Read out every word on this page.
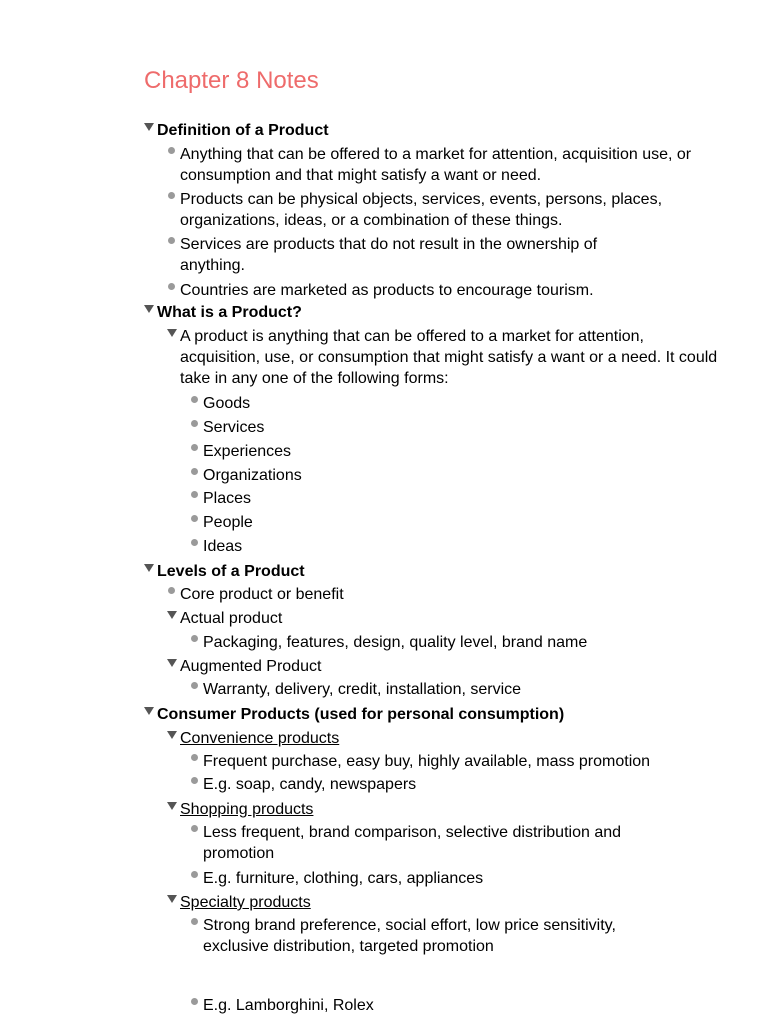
Chapter 8 Notes
Definition of a Product
Anything that can be offered to a market for attention, acquisition use, or consumption and that might satisfy a want or need.
Products can be physical objects, services, events, persons, places, organizations, ideas, or a combination of these things.
Services are products that do not result in the ownership of anything.
Countries are marketed as products to encourage tourism.
What is a Product?
A product is anything that can be offered to a market for attention, acquisition, use, or consumption that might satisfy a want or a need. It could take in any one of the following forms:
Goods
Services
Experiences
Organizations
Places
People
Ideas
Levels of a Product
Core product or benefit
Actual product
Packaging, features, design, quality level, brand name
Augmented Product
Warranty, delivery, credit, installation, service
Consumer Products (used for personal consumption)
Convenience products
Frequent purchase, easy buy, highly available, mass promotion
E.g. soap, candy, newspapers
Shopping products
Less frequent, brand comparison, selective distribution and promotion
E.g. furniture, clothing, cars, appliances
Specialty products
Strong brand preference, social effort, low price sensitivity, exclusive distribution, targeted promotion
E.g. Lamborghini, Rolex
